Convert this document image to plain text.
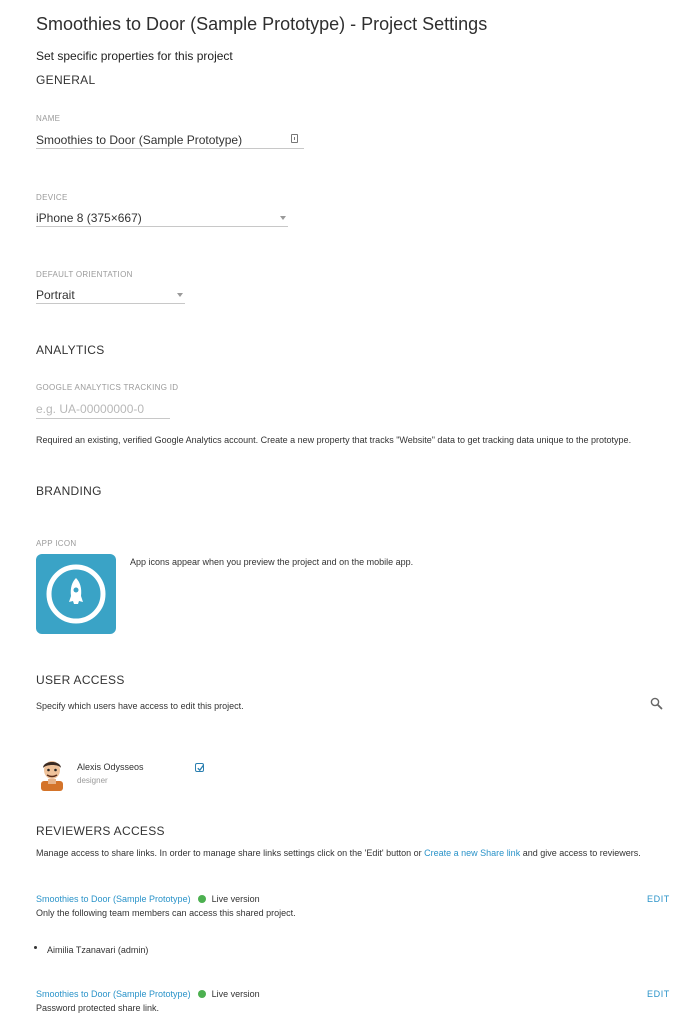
Smoothies to Door (Sample Prototype) - Project Settings
Set specific properties for this project
GENERAL
NAME
Smoothies to Door (Sample Prototype)
DEVICE
iPhone 8 (375×667)
DEFAULT ORIENTATION
Portrait
ANALYTICS
GOOGLE ANALYTICS TRACKING ID
e.g. UA-00000000-0
Required an existing, verified Google Analytics account. Create a new property that tracks "Website" data to get tracking data unique to the prototype.
BRANDING
APP ICON
App icons appear when you preview the project and on the mobile app.
USER ACCESS
Specify which users have access to edit this project.
Alexis Odysseos
designer
REVIEWERS ACCESS
Manage access to share links. In order to manage share links settings click on the 'Edit' button or Create a new Share link and give access to reviewers.
Smoothies to Door (Sample Prototype) Live version	EDIT
Only the following team members can access this shared project.
Aimilia Tzanavari (admin)
Smoothies to Door (Sample Prototype) Live version	EDIT
Password protected share link.
